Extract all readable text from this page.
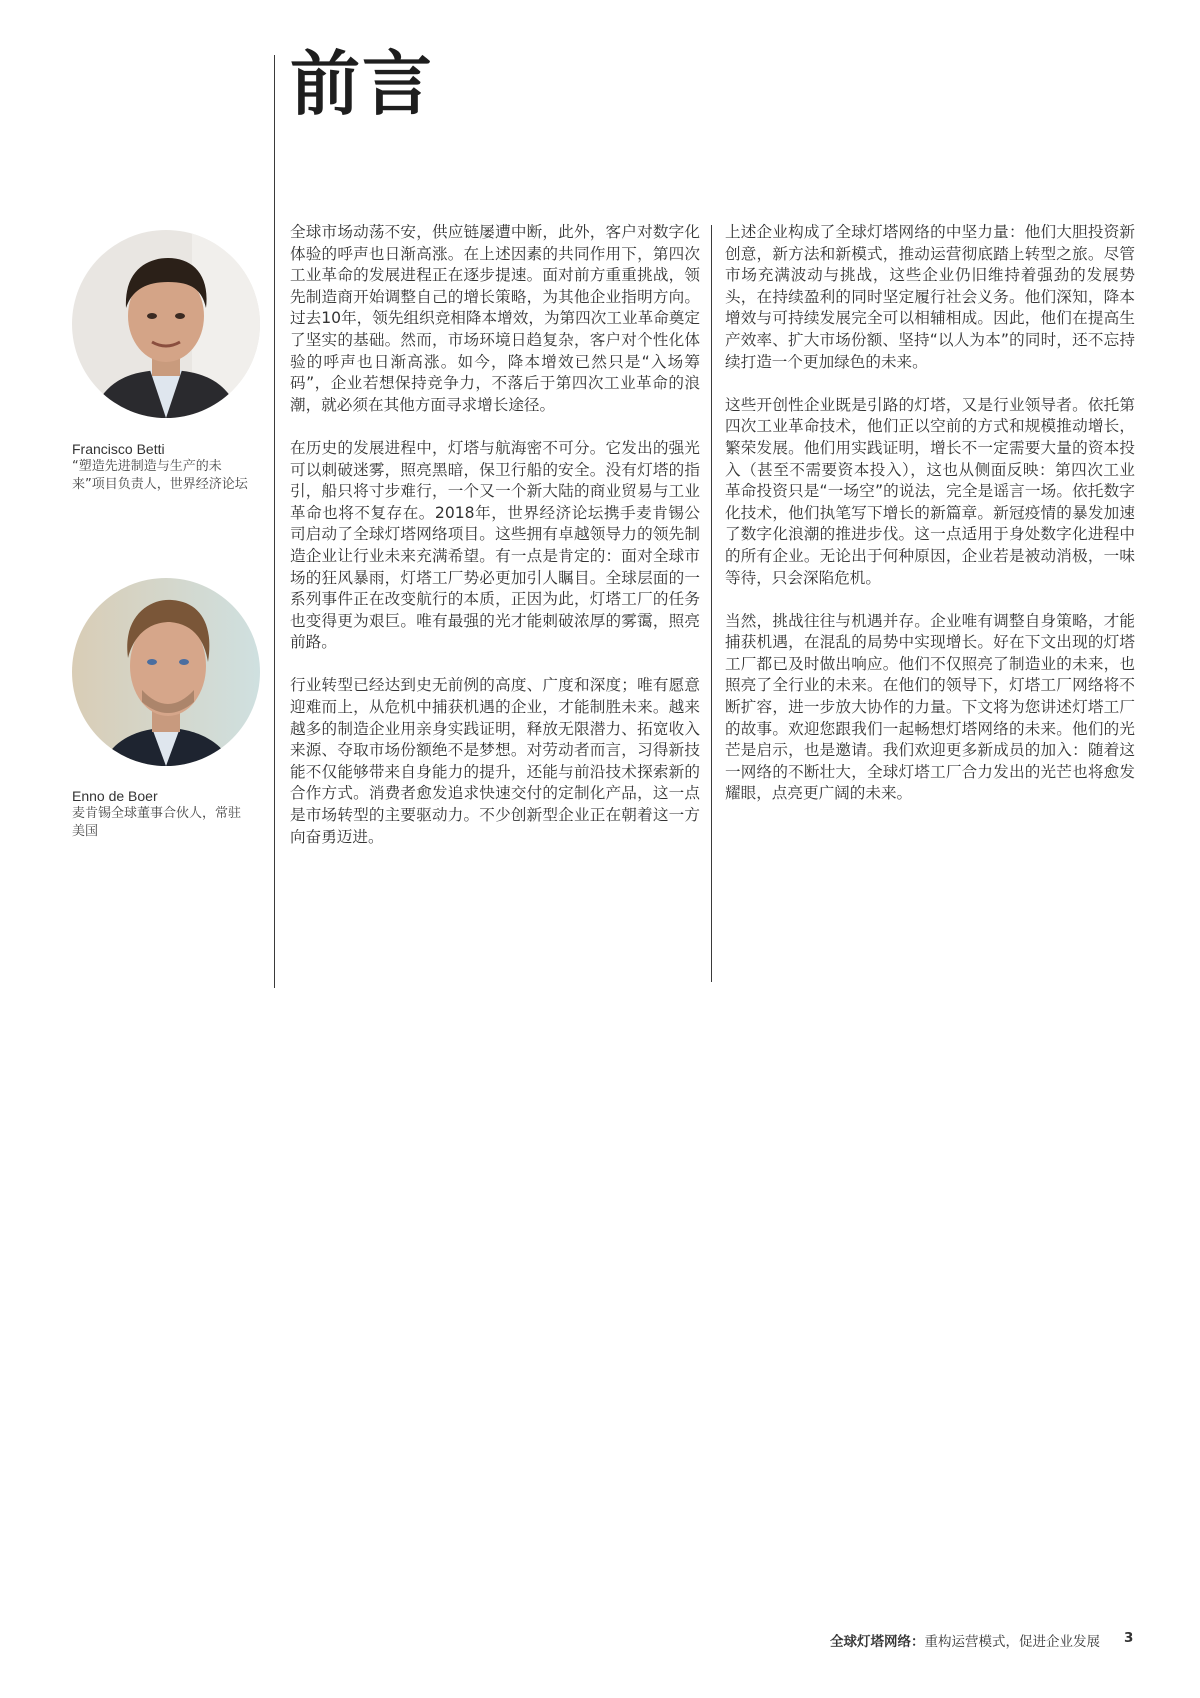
前言
Francisco Betti
“塑造先进制造与生产的未来”项目负责人，世界经济论坛
Enno de Boer
麦肯锡全球董事合伙人，常驻美国

全球市场动荡不安，供应链屡遭中断，此外，客户对数字化体验的呼声也日渐高涨。在上述因素的共同作用下，第四次工业革命的发展进程正在逐步提速。面对前方重重挑战，领先制造商开始调整自己的增长策略，为其他企业指明方向。过去10年，领先组织竞相降本增效，为第四次工业革命奠定了坚实的基础。然而，市场环境日趋复杂，客户对个性化体验的呼声也日渐高涨。如今，降本增效已然只是“入场筹码”，企业若想保持竞争力，不落后于第四次工业革命的浪潮，就必须在其他方面寻求增长途径。

在历史的发展进程中，灯塔与航海密不可分。它发出的强光可以刺破迷雾，照亮黑暗，保卫行船的安全。没有灯塔的指引，船只将寸步难行，一个又一个新大陆的商业贸易与工业革命也将不复存在。2018年，世界经济论坛携手麦肯锡公司启动了全球灯塔网络项目。这些拥有卓越领导力的领先制造企业让行业未来充满希望。有一点是肯定的：面对全球市场的狂风暴雨，灯塔工厂势必更加引人瞩目。全球层面的一系列事件正在改变航行的本质，正因为此，灯塔工厂的任务也变得更为艰巨。唯有最强的光才能刺破浓厚的雾霭，照亮前路。

行业转型已经达到史无前例的高度、广度和深度；唯有愿意迎难而上，从危机中捕获机遇的企业，才能制胜未来。越来越多的制造企业用亲身实践证明，释放无限潜力、拓宽收入来源、夺取市场份额绝不是梦想。对劳动者而言，习得新技能不仅能够带来自身能力的提升，还能与前沿技术探索新的合作方式。消费者愈发追求快速交付的定制化产品，这一点是市场转型的主要驱动力。不少创新型企业正在朝着这一方向奋勇迈进。

上述企业构成了全球灯塔网络的中坚力量：他们大胆投资新创意，新方法和新模式，推动运营彻底踏上转型之旅。尽管市场充满波动与挑战，这些企业仍旧维持着强劲的发展势头，在持续盈利的同时坚定履行社会义务。他们深知，降本增效与可持续发展完全可以相辅相成。因此，他们在提高生产效率、扩大市场份额、坚持“以人为本”的同时，还不忘持续打造一个更加绿色的未来。

这些开创性企业既是引路的灯塔，又是行业领导者。依托第四次工业革命技术，他们正以空前的方式和规模推动增长，繁荣发展。他们用实践证明，增长不一定需要大量的资本投入（甚至不需要资本投入），这也从侧面反映：第四次工业革命投资只是“一场空”的说法，完全是谣言一场。依托数字化技术，他们执笔写下增长的新篇章。新冠疫情的暴发加速了数字化浪潮的推进步伐。这一点适用于身处数字化进程中的所有企业。无论出于何种原因，企业若是被动消极，一味等待，只会深陷危机。

当然，挑战往往与机遇并存。企业唯有调整自身策略，才能捕获机遇，在混乱的局势中实现增长。好在下文出现的灯塔工厂都已及时做出响应。他们不仅照亮了制造业的未来，也照亮了全行业的未来。在他们的领导下，灯塔工厂网络将不断扩容，进一步放大协作的力量。下文将为您讲述灯塔工厂的故事。欢迎您跟我们一起畅想灯塔网络的未来。他们的光芒是启示，也是邀请。我们欢迎更多新成员的加入：随着这一网络的不断壮大，全球灯塔工厂合力发出的光芒也将愈发耀眼，点亮更广阔的未来。

全球灯塔网络：重构运营模式，促进企业发展 3
